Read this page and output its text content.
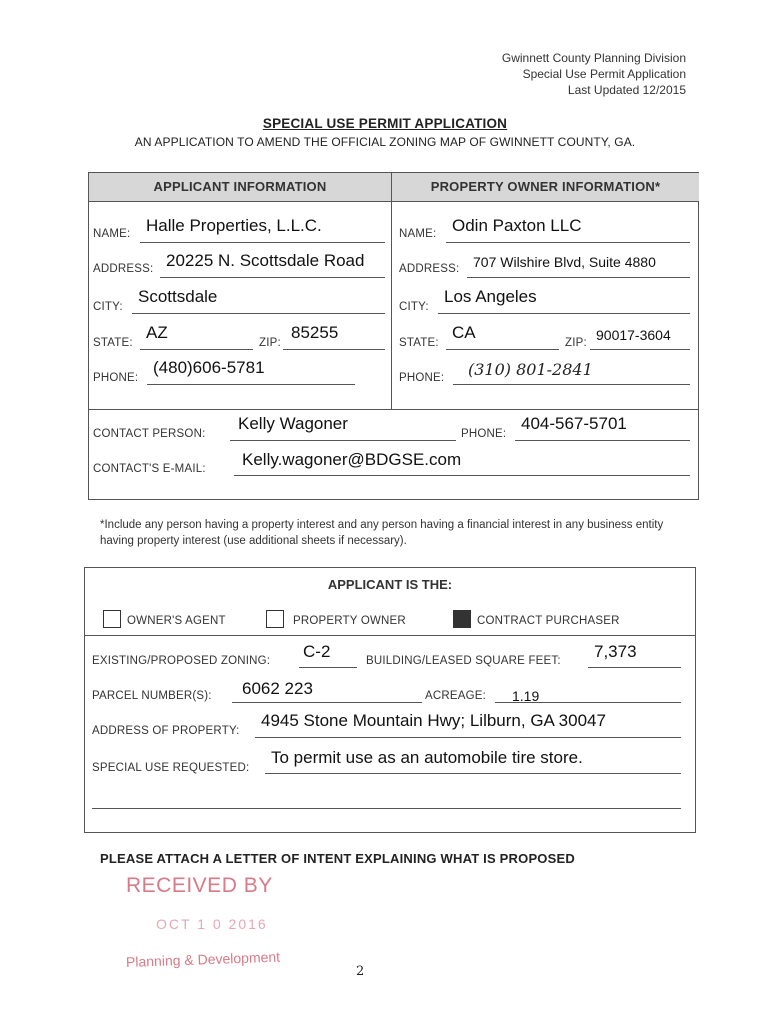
Gwinnett County Planning Division
Special Use Permit Application
Last Updated 12/2015
SPECIAL USE PERMIT APPLICATION
AN APPLICATION TO AMEND THE OFFICIAL ZONING MAP OF GWINNETT COUNTY, GA.
APPLICANT INFORMATION	PROPERTY OWNER INFORMATION*
NAME: Halle Properties, L.L.C.
ADDRESS: 20225 N. Scottsdale Road
CITY:
Scottsdale
STATE:
AZ
ZIP:
85255
PHONE:
(480)606-5781
NAME: Odin Paxton LLC
ADDRESS: 707 Wilshire Blvd, Suite 4880
CITY:
Los Angeles
STATE:
CA
ZIP: 90017-3604
PHONE: (310) 801-2841
CONTACT PERSON:
Kelly Wagoner
PHONE:
404-567-5701
CONTACT'S E-MAIL: Kelly.wagoner@BDGSE.com
*Include any person having a property interest and any person having a financial interest in any business entity having property interest (use additional sheets if necessary).
APPLICANT IS THE:
OWNER'S AGENT	PROPERTY OWNER	CONTRACT PURCHASER
EXISTING/PROPOSED ZONING: C-2	BUILDING/LEASED SQUARE FEET: 7,373
PARCEL NUMBER(S): 6062 223	ACREAGE: 1.19
ADDRESS OF PROPERTY:
4945 Stone Mountain Hwy; Lilburn, GA 30047
SPECIAL USE REQUESTED:
To permit use as an automobile tire store.
PLEASE ATTACH A LETTER OF INTENT EXPLAINING WHAT IS PROPOSED
RECEIVED BY
OCT 1 0 2016
Planning & Development
2
